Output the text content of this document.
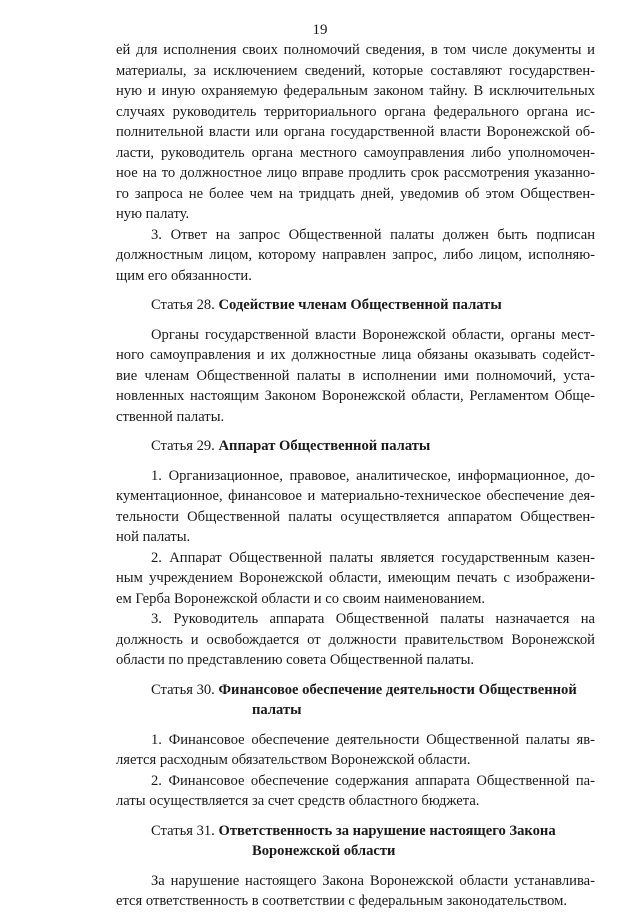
19
ей для исполнения своих полномочий сведения, в том числе документы и
материалы, за исключением сведений, которые составляют государствен-
ную и иную охраняемую федеральным законом тайну. В исключительных
случаях руководитель территориального органа федерального органа ис-
полнительной власти или органа государственной власти Воронежской об-
ласти, руководитель органа местного самоуправления либо уполномочен-
ное на то должностное лицо вправе продлить срок рассмотрения указанно-
го запроса не более чем на тридцать дней, уведомив об этом Обществен-
ную палату.
3. Ответ на запрос Общественной палаты должен быть подписан
должностным лицом, которому направлен запрос, либо лицом, исполняю-
щим его обязанности.
Статья 28. Содействие членам Общественной палаты
Органы государственной власти Воронежской области, органы мест-
ного самоуправления и их должностные лица обязаны оказывать содейст-
вие членам Общественной палаты в исполнении ими полномочий, уста-
новленных настоящим Законом Воронежской области, Регламентом Обще-
ственной палаты.
Статья 29. Аппарат Общественной палаты
1. Организационное, правовое, аналитическое, информационное, до-
кументационное, финансовое и материально-техническое обеспечение дея-
тельности Общественной палаты осуществляется аппаратом Обществен-
ной палаты.
2. Аппарат Общественной палаты является государственным казен-
ным учреждением Воронежской области, имеющим печать с изображени-
ем Герба Воронежской области и со своим наименованием.
3. Руководитель аппарата Общественной палаты назначается на
должность и освобождается от должности правительством Воронежской
области по представлению совета Общественной палаты.
Статья 30. Финансовое обеспечение деятельности Общественной
палаты
1. Финансовое обеспечение деятельности Общественной палаты яв-
ляется расходным обязательством Воронежской области.
2. Финансовое обеспечение содержания аппарата Общественной па-
латы осуществляется за счет средств областного бюджета.
Статья 31. Ответственность за нарушение настоящего Закона
Воронежской области
За нарушение настоящего Закона Воронежской области устанавлива-
ется ответственность в соответствии с федеральным законодательством.
